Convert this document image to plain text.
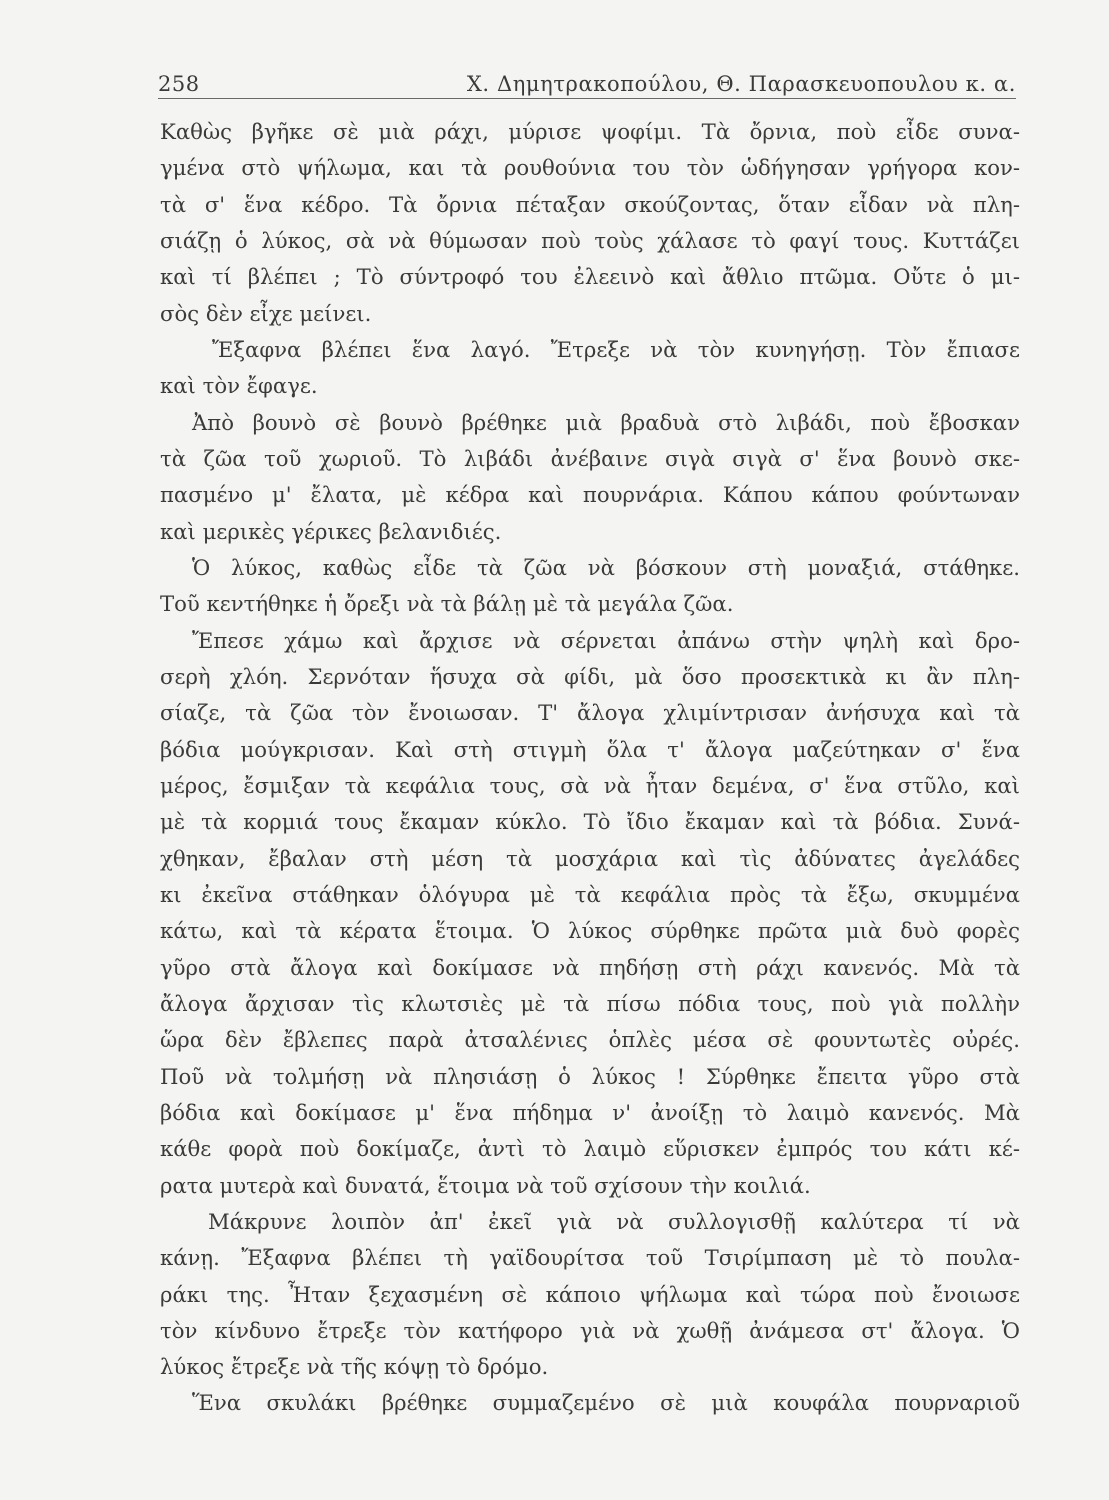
258	Χ. Δημητρακοπούλου, Θ. Παρασκευοπουλου κ. α.
Καθὼς βγῆκε σὲ μιὰ ράχι, μύρισε ψοφίμι. Τὰ ὄρνια, ποὺ εἶδε συνα-
γμένα στὸ ψήλωμα, και τὰ ρουθούνια του τὸν ὡδήγησαν γρήγορα κον-
τὰ σ' ἕνα κέδρο. Τὰ ὄρνια πέταξαν σκούζοντας, ὅταν εἶδαν νὰ πλη-
σιάζῃ ὁ λύκος, σὰ νὰ θύμωσαν ποὺ τοὺς χάλασε τὸ φαγί τους. Κυττάζει
καὶ τί βλέπει ; Τὸ σύντροφό του ἐλεεινὸ καὶ ἄθλιο πτῶμα. Οὔτε ὁ μι-
σὸς δὲν εἶχε μείνει.
Ἔξαφνα βλέπει ἕνα λαγό. Ἔτρεξε νὰ τὸν κυνηγήσῃ. Τὸν ἔπιασε
καὶ τὸν ἔφαγε.
Ἀπὸ βουνὸ σὲ βουνὸ βρέθηκε μιὰ βραδυὰ στὸ λιβάδι, ποὺ ἔβοσκαν
τὰ ζῶα τοῦ χωριοῦ. Τὸ λιβάδι ἀνέβαινε σιγὰ σιγὰ σ' ἕνα βουνὸ σκε-
πασμένο μ' ἔλατα, μὲ κέδρα καὶ πουρνάρια. Κάπου κάπου φούντωναν
καὶ μερικὲς γέρικες βελανιδιές.
Ὁ λύκος, καθὼς εἶδε τὰ ζῶα νὰ βόσκουν στὴ μοναξιά, στάθηκε.
Τοῦ κεντήθηκε ἡ ὄρεξι νὰ τὰ βάλῃ μὲ τὰ μεγάλα ζῶα.
Ἔπεσε χάμω καὶ ἄρχισε νὰ σέρνεται ἀπάνω στὴν ψηλὴ καὶ δρο-
σερὴ χλόη. Σερνόταν ἥσυχα σὰ φίδι, μὰ ὅσο προσεκτικὰ κι ἂν πλη-
σίαζε, τὰ ζῶα τὸν ἔνοιωσαν. Τ' ἄλογα χλιμίντρισαν ἀνήσυχα καὶ τὰ
βόδια μούγκρισαν. Καὶ στὴ στιγμὴ ὅλα τ' ἄλογα μαζεύτηκαν σ' ἕνα
μέρος, ἔσμιξαν τὰ κεφάλια τους, σὰ νὰ ἦταν δεμένα, σ' ἕνα στῦλο, καὶ
μὲ τὰ κορμιά τους ἔκαμαν κύκλο. Τὸ ἴδιο ἔκαμαν καὶ τὰ βόδια. Συνά-
χθηκαν, ἔβαλαν στὴ μέση τὰ μοσχάρια καὶ τὶς ἀδύνατες ἀγελάδες
κι ἐκεῖνα στάθηκαν ὁλόγυρα μὲ τὰ κεφάλια πρὸς τὰ ἔξω, σκυμμένα
κάτω, καὶ τὰ κέρατα ἕτοιμα. Ὁ λύκος σύρθηκε πρῶτα μιὰ δυὸ φορὲς
γῦρο στὰ ἄλογα καὶ δοκίμασε νὰ πηδήσῃ στὴ ράχι κανενός. Μὰ τὰ
ἄλογα ἄρχισαν τὶς κλωτσιὲς μὲ τὰ πίσω πόδια τους, ποὺ γιὰ πολλὴν
ὥρα δὲν ἔβλεπες παρὰ ἀτσαλένιες ὁπλὲς μέσα σὲ φουντωτὲς οὐρές.
Ποῦ νὰ τολμήσῃ νὰ πλησιάσῃ ὁ λύκος ! Σύρθηκε ἔπειτα γῦρο στὰ
βόδια καὶ δοκίμασε μ' ἕνα πήδημα ν' ἀνοίξῃ τὸ λαιμὸ κανενός. Μὰ
κάθε φορὰ ποὺ δοκίμαζε, ἀντὶ τὸ λαιμὸ εὕρισκεν ἐμπρός του κάτι κέ-
ρατα μυτερὰ καὶ δυνατά, ἕτοιμα νὰ τοῦ σχίσουν τὴν κοιλιά.
Μάκρυνε λοιπὸν ἀπ' ἐκεῖ γιὰ νὰ συλλογισθῇ καλύτερα τί νὰ
κάνῃ. Ἔξαφνα βλέπει τὴ γαϊδουρίτσα τοῦ Τσιρίμπαση μὲ τὸ πουλα-
ράκι της. Ἦταν ξεχασμένη σὲ κάποιο ψήλωμα καὶ τώρα ποὺ ἔνοιωσε
τὸν κίνδυνο ἔτρεξε τὸν κατήφορο γιὰ νὰ χωθῇ ἀνάμεσα στ' ἄλογα. Ὁ
λύκος ἔτρεξε νὰ τῆς κόψῃ τὸ δρόμο.
Ἕνα σκυλάκι βρέθηκε συμμαζεμένο σὲ μιὰ κουφάλα πουρναριοῦ
